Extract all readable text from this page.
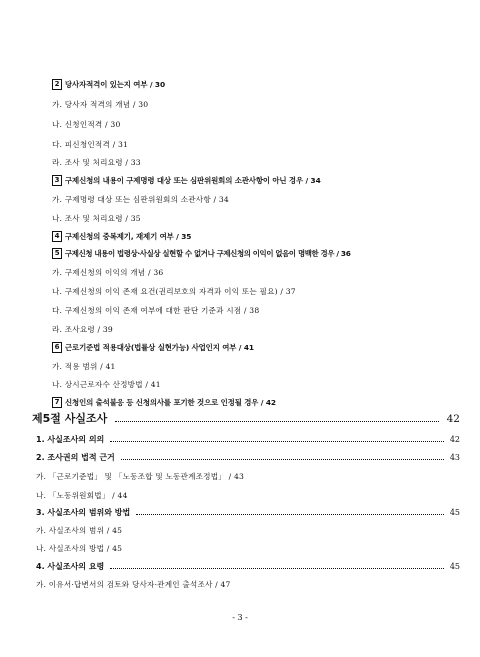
2 당사자적격이 있는지 여부 / 30
가. 당사자 적격의 개념 / 30
나. 신청인적격 / 30
다. 피신청인적격 / 31
라. 조사 및 처리요령 / 33
3 구제신청의 내용이 구제명령 대상 또는 심판위원회의 소관사항이 아닌 경우 / 34
가. 구제명령 대상 또는 심판위원회의 소관사항 / 34
나. 조사 및 처리요령 / 35
4 구제신청의 중복제기, 재제기 여부 / 35
5 구제신청 내용이 법령상·사실상 실현할 수 없거나 구제신청의 이익이 없음이 명백한 경우 / 36
가. 구제신청의 이익의 개념 / 36
나. 구제신청의 이익 존재 요건(권리보호의 자격과 이익 또는 필요) / 37
다. 구제신청의 이익 존재 여부에 대한 판단 기준과 시점 / 38
라. 조사요령 / 39
6 근로기준법 적용대상(법률상 실현가능) 사업인지 여부 / 41
가. 적용 범위 / 41
나. 상시근로자수 산정방법 / 41
7 신청인의 출석불응 등 신청의사를 포기한 것으로 인정될 경우 / 42
제5절 사실조사	42
1. 사실조사의 의의	42
2. 조사권의 법적 근거	43
가. 「근로기준법」 및 「노동조합 및 노동관계조정법」 / 43
나. 「노동위원회법」 / 44
3. 사실조사의 범위와 방법	45
가. 사실조사의 범위 / 45
나. 사실조사의 방법 / 45
4. 사실조사의 요령	45
가. 이유서·답변서의 검토와 당사자·관계인 출석조사 / 47
- 3 -
